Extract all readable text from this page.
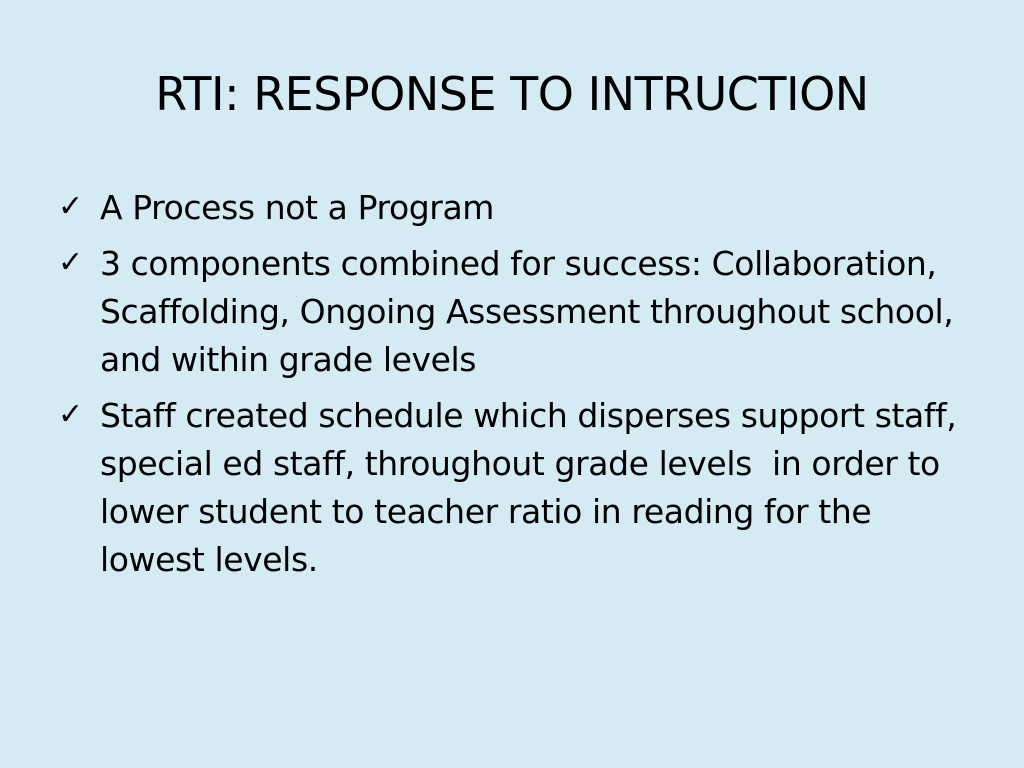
RTI: RESPONSE TO INTRUCTION
✓ A Process not a Program
✓ 3 components combined for success: Collaboration, Scaffolding, Ongoing Assessment throughout school, and within grade levels
✓ Staff created schedule which disperses support staff, special ed staff, throughout grade levels  in order to lower student to teacher ratio in reading for the lowest levels.
